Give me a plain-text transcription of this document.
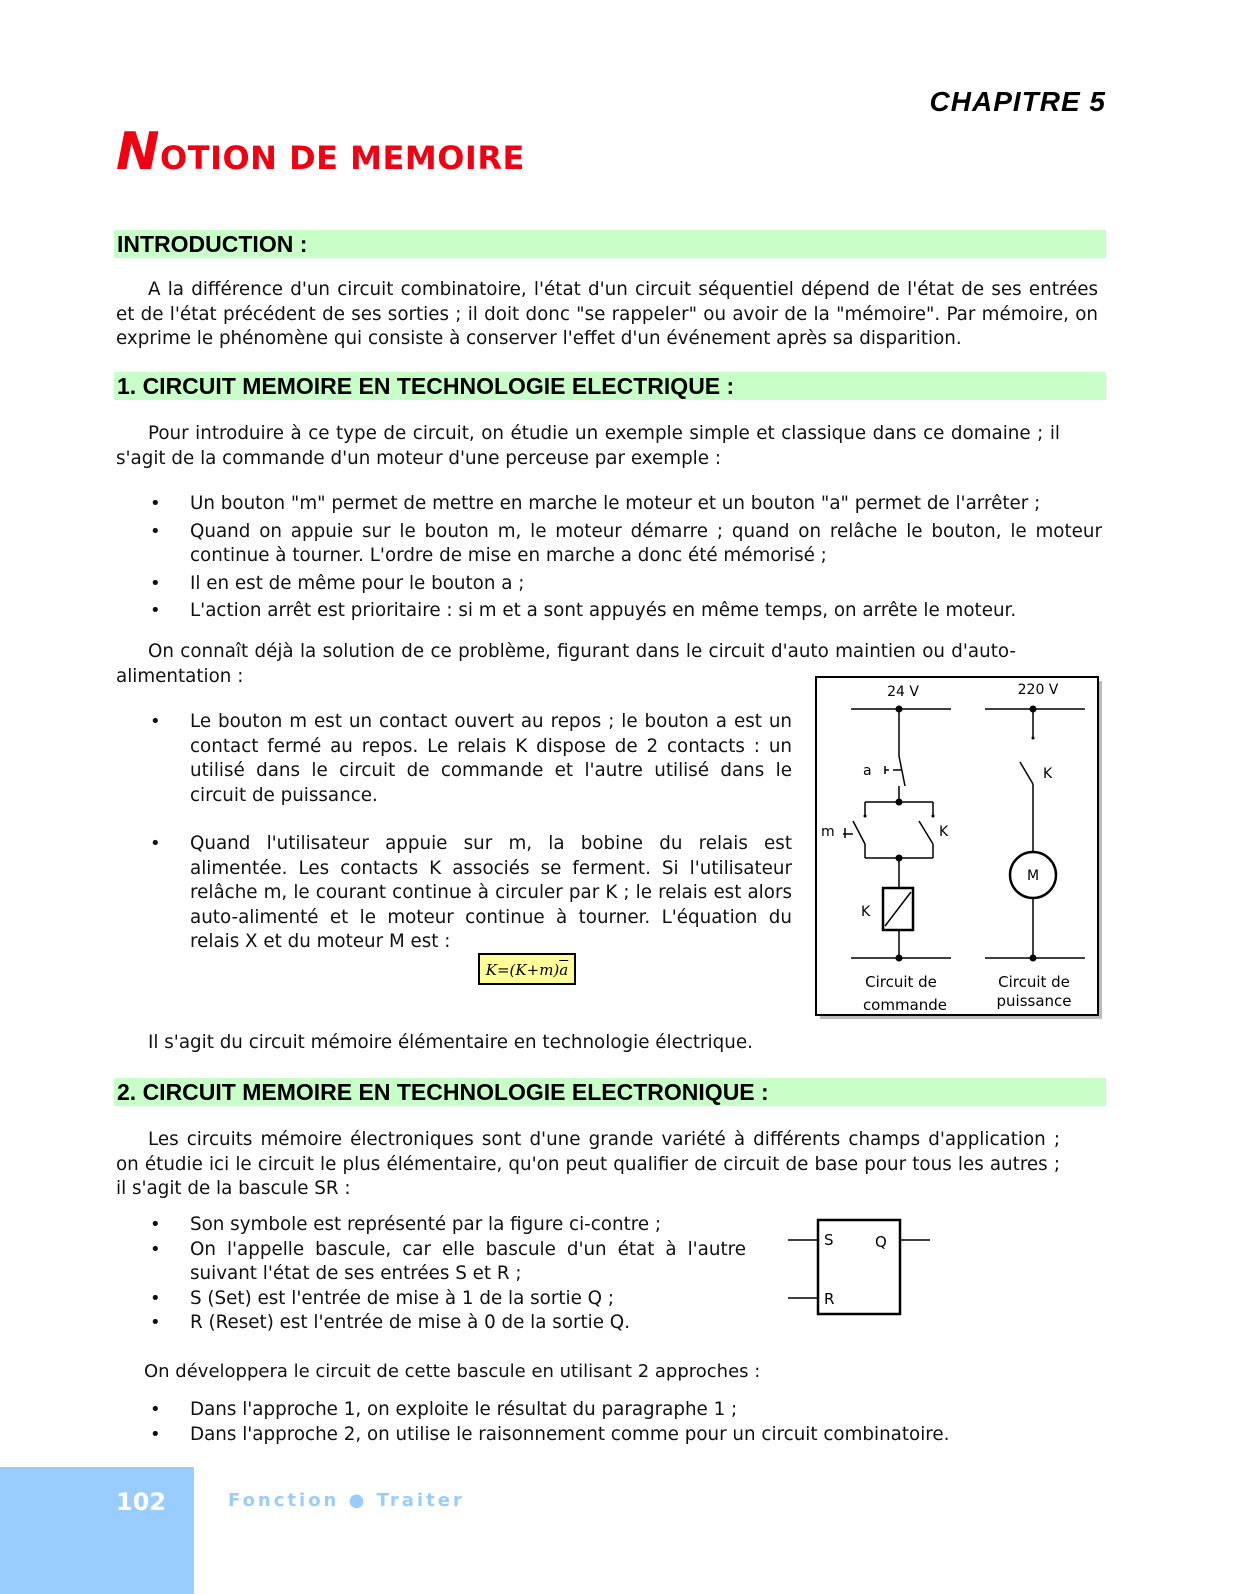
CHAPITRE 5
NOTION DE MEMOIRE
INTRODUCTION :

A la différence d'un circuit combinatoire, l'état d'un circuit séquentiel dépend de l'état de ses entrées et de l'état précédent de ses sorties ; il doit donc "se rappeler" ou avoir de la "mémoire". Par mémoire, on exprime le phénomène qui consiste à conserver l'effet d'un événement après sa disparition.

1. CIRCUIT MEMOIRE EN TECHNOLOGIE ELECTRIQUE :

Pour introduire à ce type de circuit, on étudie un exemple simple et classique dans ce domaine ; il s'agit de la commande d'un moteur d'une perceuse par exemple :

• Un bouton "m" permet de mettre en marche le moteur et un bouton "a" permet de l'arrêter ;
• Quand on appuie sur le bouton m, le moteur démarre ; quand on relâche le bouton, le moteur continue à tourner. L'ordre de mise en marche a donc été mémorisé ;
• Il en est de même pour le bouton a ;
• L'action arrêt est prioritaire : si m et a sont appuyés en même temps, on arrête le moteur.

On connaît déjà la solution de ce problème, figurant dans le circuit d'auto maintien ou d'auto-alimentation :

• Le bouton m est un contact ouvert au repos ; le bouton a est un contact fermé au repos. Le relais K dispose de 2 contacts : un utilisé dans le circuit de commande et l'autre utilisé dans le circuit de puissance.
• Quand l'utilisateur appuie sur m, la bobine du relais est alimentée. Les contacts K associés se ferment. Si l'utilisateur relâche m, le courant continue à circuler par K ; le relais est alors auto-alimenté et le moteur continue à tourner. L'équation du relais X et du moteur M est :
$K=(K+m)\overline{a}$

Il s'agit du circuit mémoire élémentaire en technologie électrique.

24 V	220 V
a
m	K
K
K
M
Circuit de
commande
Circuit de
puissance
2. CIRCUIT MEMOIRE EN TECHNOLOGIE ELECTRONIQUE :

Les circuits mémoire électroniques sont d'une grande variété à différents champs d'application ; on étudie ici le circuit le plus élémentaire, qu'on peut qualifier de circuit de base pour tous les autres ; il s'agit de la bascule SR :

• Son symbole est représenté par la figure ci-contre ;
• On l'appelle bascule, car elle bascule d'un état à l'autre suivant l'état de ses entrées S et R ;
• S (Set) est l'entrée de mise à 1 de la sortie Q ;
• R (Reset) est l'entrée de mise à 0 de la sortie Q.
S	Q
R

On développera le circuit de cette bascule en utilisant 2 approches :

• Dans l'approche 1, on exploite le résultat du paragraphe 1 ;
• Dans l'approche 2, on utilise le raisonnement comme pour un circuit combinatoire.
102	Fonction ● Traiter
